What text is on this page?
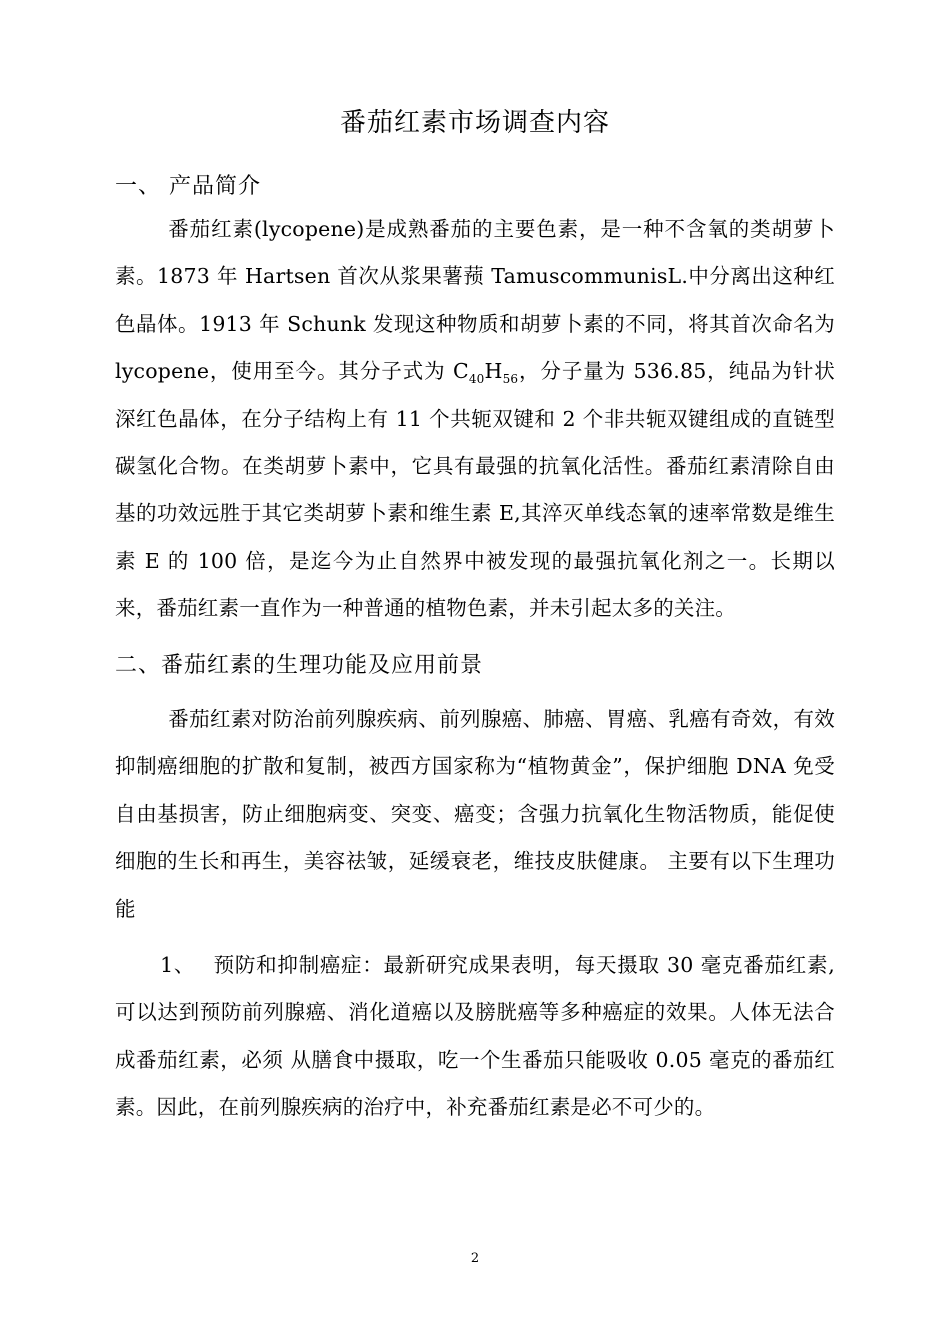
番茄红素市场调查内容
一、 产品简介

番茄红素(lycopene)是成熟番茄的主要色素，是一种不含氧的类胡萝卜素。1873 年 Hartsen 首次从浆果薯蓣 TamuscommunisL.中分离出这种红色晶体。1913 年 Schunk 发现这种物质和胡萝卜素的不同，将其首次命名为 lycopene，使用至今。其分子式为 $C_{40}H_{56}$，分子量为 536.85，纯品为针状深红色晶体，在分子结构上有 11 个共轭双键和 2 个非共轭双键组成的直链型碳氢化合物。在类胡萝卜素中，它具有最强的抗氧化活性。番茄红素清除自由基的功效远胜于其它类胡萝卜素和维生素 E,其淬灭单线态氧的速率常数是维生素 E 的 100 倍，是迄今为止自然界中被发现的最强抗氧化剂之一。长期以来，番茄红素一直作为一种普通的植物色素，并未引起太多的关注。

二、番茄红素的生理功能及应用前景

番茄红素对防治前列腺疾病、前列腺癌、肺癌、胃癌、乳癌有奇效，有效抑制癌细胞的扩散和复制，被西方国家称为“植物黄金”，保护细胞 DNA 免受自由基损害，防止细胞病变、突变、癌变；含强力抗氧化生物活物质，能促使细胞的生长和再生，美容祛皱，延缓衰老，维技皮肤健康。 主要有以下生理功能

1、 预防和抑制癌症：最新研究成果表明，每天摄取 30 毫克番茄红素,可以达到预防前列腺癌、消化道癌以及膀胱癌等多种癌症的效果。人体无法合成番茄红素，必须 从膳食中摄取，吃一个生番茄只能吸收 0.05 毫克的番茄红素。因此，在前列腺疾病的治疗中，补充番茄红素是必不可少的。

2
